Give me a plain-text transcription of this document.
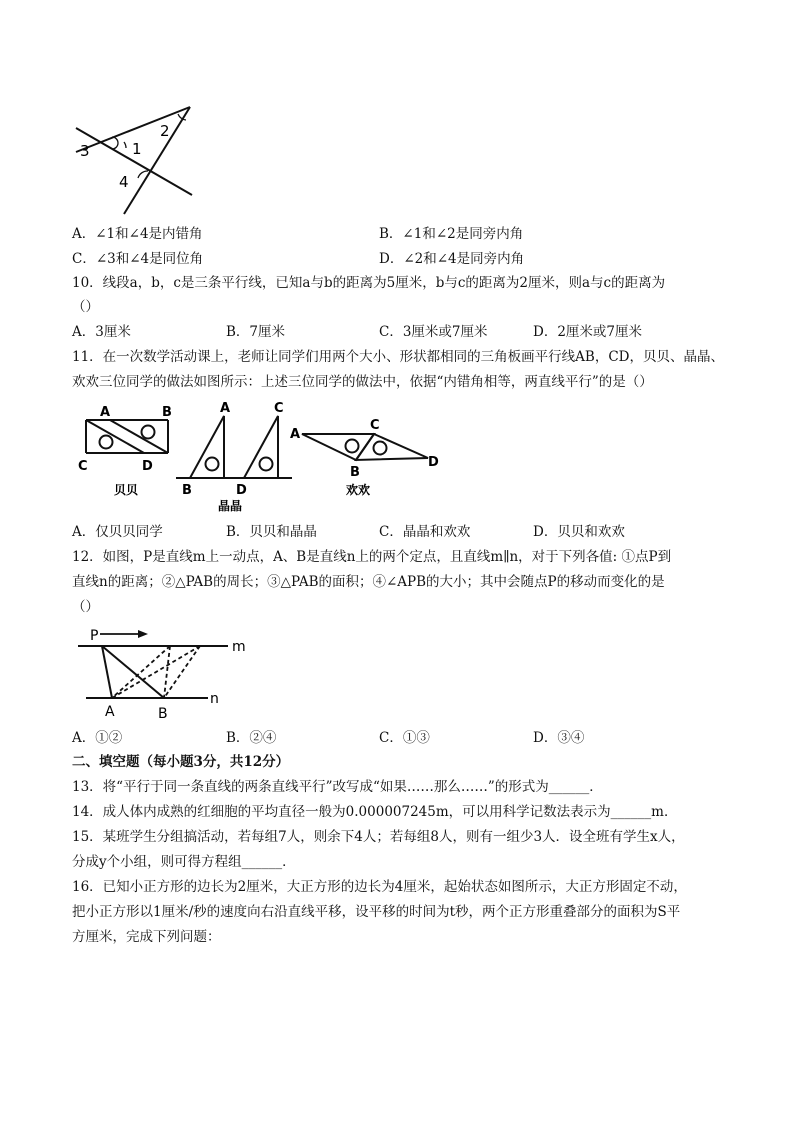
3	1
2
4
A．∠1和∠4是内错角	B．∠1和∠2是同旁内角
C．∠3和∠4是同位角	D．∠2和∠4是同旁内角
10．线段a，b，c是三条平行线，已知a与b的距离为5厘米，b与c的距离为2厘米，则a与c的距离为
（）
A．3厘米	B．7厘米	C．3厘米或7厘米	D．2厘米或7厘米
11．在一次数学活动课上，老师让同学们用两个大小、形状都相同的三角板画平行线AB，CD，贝贝、晶晶、
欢欢三位同学的做法如图所示：上述三位同学的做法中，依据“内错角相等，两直线平行”的是（）
A	B
C	D
贝贝
A	C
B	D
晶晶
A
C
B
D
欢欢
A．仅贝贝同学	B．贝贝和晶晶	C．晶晶和欢欢	D．贝贝和欢欢
12．如图，P是直线m上一动点，A、B是直线n上的两个定点，且直线m∥n，对于下列各值: ①点P到
直线n的距离；②△PAB的周长；③△PAB的面积；④∠APB的大小；其中会随点P的移动而变化的是
（）
P
m
n
A	B
A．①②	B．②④	C．①③	D．③④
二、填空题（每小题3分，共12分）
13．将“平行于同一条直线的两条直线平行”改写成“如果……那么……”的形式为______．
14．成人体内成熟的红细胞的平均直径一般为0.000007245m，可以用科学记数法表示为______m．
15．某班学生分组搞活动，若每组7人，则余下4人；若每组8人，则有一组少3人．设全班有学生x人，
分成y个小组，则可得方程组______．
16．已知小正方形的边长为2厘米，大正方形的边长为4厘米，起始状态如图所示，大正方形固定不动，
把小正方形以1厘米/秒的速度向右沿直线平移，设平移的时间为t秒，两个正方形重叠部分的面积为S平
方厘米，完成下列问题：
